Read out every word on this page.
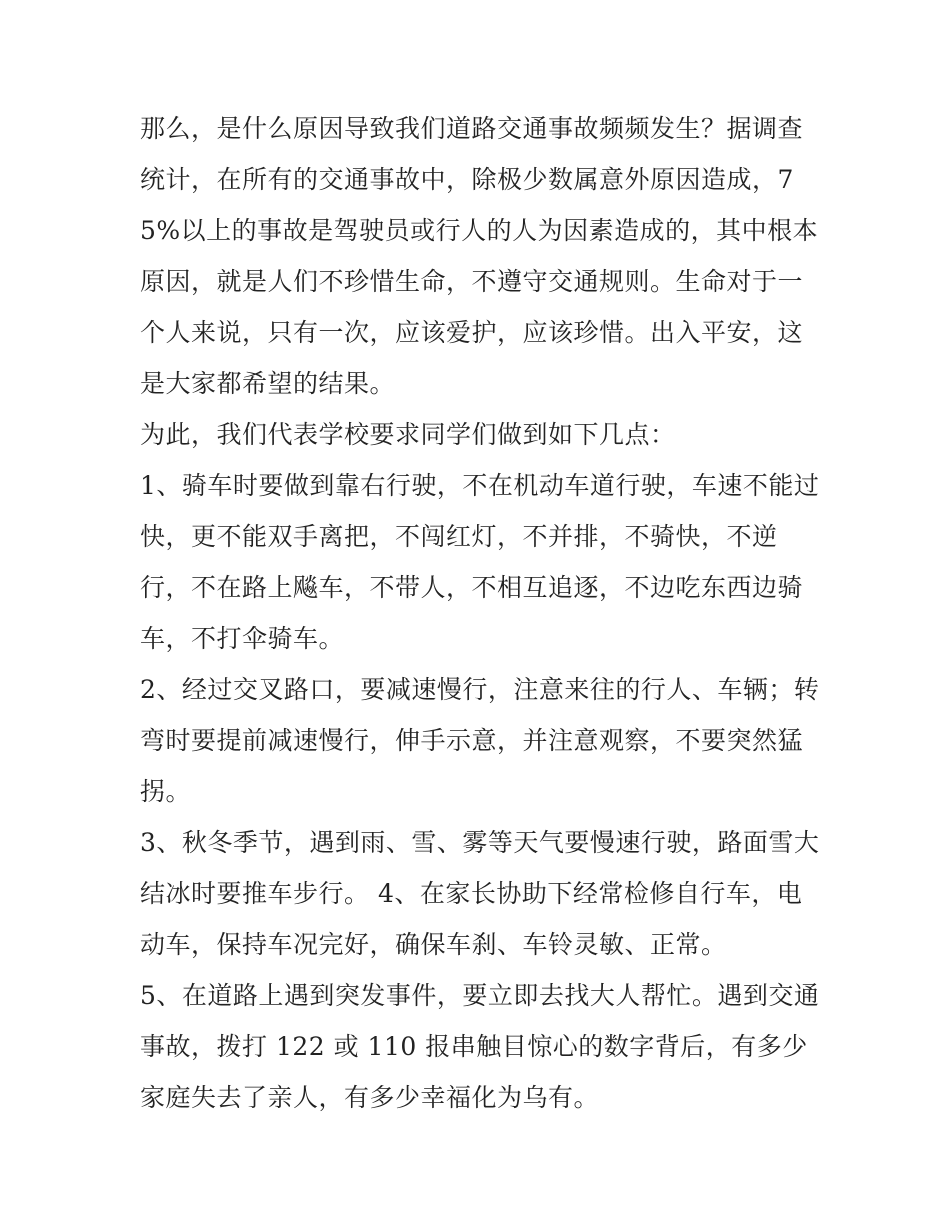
那么，是什么原因导致我们道路交通事故频频发生？据调查统计，在所有的交通事故中，除极少数属意外原因造成，75%以上的事故是驾驶员或行人的人为因素造成的，其中根本原因，就是人们不珍惜生命，不遵守交通规则。生命对于一个人来说，只有一次，应该爱护，应该珍惜。出入平安，这是大家都希望的结果。

为此，我们代表学校要求同学们做到如下几点：

1、骑车时要做到靠右行驶，不在机动车道行驶，车速不能过快，更不能双手离把，不闯红灯，不并排，不骑快，不逆行，不在路上飚车，不带人，不相互追逐，不边吃东西边骑车，不打伞骑车。

2、经过交叉路口，要减速慢行，注意来往的行人、车辆；转弯时要提前减速慢行，伸手示意，并注意观察，不要突然猛拐。

3、秋冬季节，遇到雨、雪、雾等天气要慢速行驶，路面雪大结冰时要推车步行。 4、在家长协助下经常检修自行车，电动车，保持车况完好，确保车刹、车铃灵敏、正常。

5、在道路上遇到突发事件，要立即去找大人帮忙。遇到交通事故，拨打 122 或 110 报串触目惊心的数字背后，有多少家庭失去了亲人，有多少幸福化为乌有。
